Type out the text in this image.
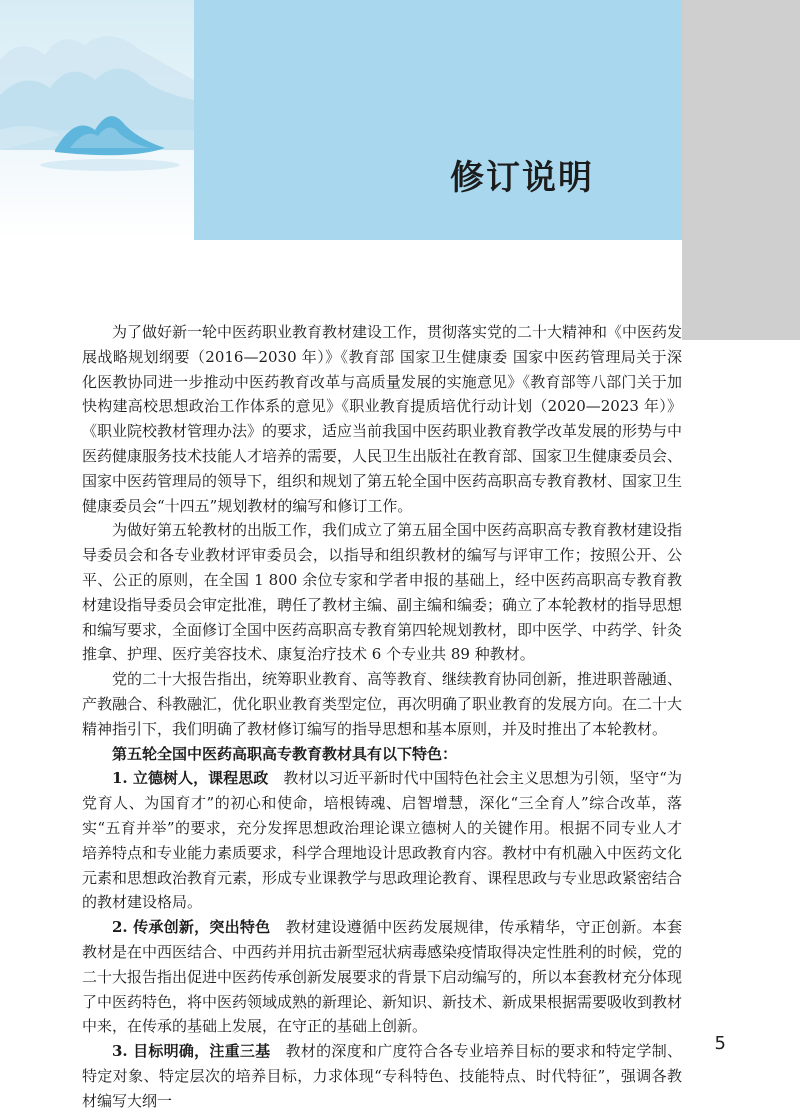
修订说明

为了做好新一轮中医药职业教育教材建设工作，贯彻落实党的二十大精神和《中医药发展战略规划纲要（2016—2030 年）》《教育部 国家卫生健康委 国家中医药管理局关于深化医教协同进一步推动中医药教育改革与高质量发展的实施意见》《教育部等八部门关于加快构建高校思想政治工作体系的意见》《职业教育提质培优行动计划（2020—2023 年）》《职业院校教材管理办法》的要求，适应当前我国中医药职业教育教学改革发展的形势与中医药健康服务技术技能人才培养的需要，人民卫生出版社在教育部、国家卫生健康委员会、国家中医药管理局的领导下，组织和规划了第五轮全国中医药高职高专教育教材、国家卫生健康委员会“十四五”规划教材的编写和修订工作。

为做好第五轮教材的出版工作，我们成立了第五届全国中医药高职高专教育教材建设指导委员会和各专业教材评审委员会，以指导和组织教材的编写与评审工作；按照公开、公平、公正的原则，在全国 1 800 余位专家和学者申报的基础上，经中医药高职高专教育教材建设指导委员会审定批准，聘任了教材主编、副主编和编委；确立了本轮教材的指导思想和编写要求，全面修订全国中医药高职高专教育第四轮规划教材，即中医学、中药学、针灸推拿、护理、医疗美容技术、康复治疗技术 6 个专业共 89 种教材。

党的二十大报告指出，统筹职业教育、高等教育、继续教育协同创新，推进职普融通、产教融合、科教融汇，优化职业教育类型定位，再次明确了职业教育的发展方向。在二十大精神指引下，我们明确了教材修订编写的指导思想和基本原则，并及时推出了本轮教材。

第五轮全国中医药高职高专教育教材具有以下特色：

1. 立德树人，课程思政  教材以习近平新时代中国特色社会主义思想为引领，坚守“为党育人、为国育才”的初心和使命，培根铸魂、启智增慧，深化“三全育人”综合改革，落实“五育并举”的要求，充分发挥思想政治理论课立德树人的关键作用。根据不同专业人才培养特点和专业能力素质要求，科学合理地设计思政教育内容。教材中有机融入中医药文化元素和思想政治教育元素，形成专业课教学与思政理论教育、课程思政与专业思政紧密结合的教材建设格局。

2. 传承创新，突出特色  教材建设遵循中医药发展规律，传承精华，守正创新。本套教材是在中西医结合、中西药并用抗击新型冠状病毒感染疫情取得决定性胜利的时候，党的二十大报告指出促进中医药传承创新发展要求的背景下启动编写的，所以本套教材充分体现了中医药特色，将中医药领域成熟的新理论、新知识、新技术、新成果根据需要吸收到教材中来，在传承的基础上发展，在守正的基础上创新。

3. 目标明确，注重三基  教材的深度和广度符合各专业培养目标的要求和特定学制、特定对象、特定层次的培养目标，力求体现“专科特色、技能特点、时代特征”，强调各教材编写大纲一

5
